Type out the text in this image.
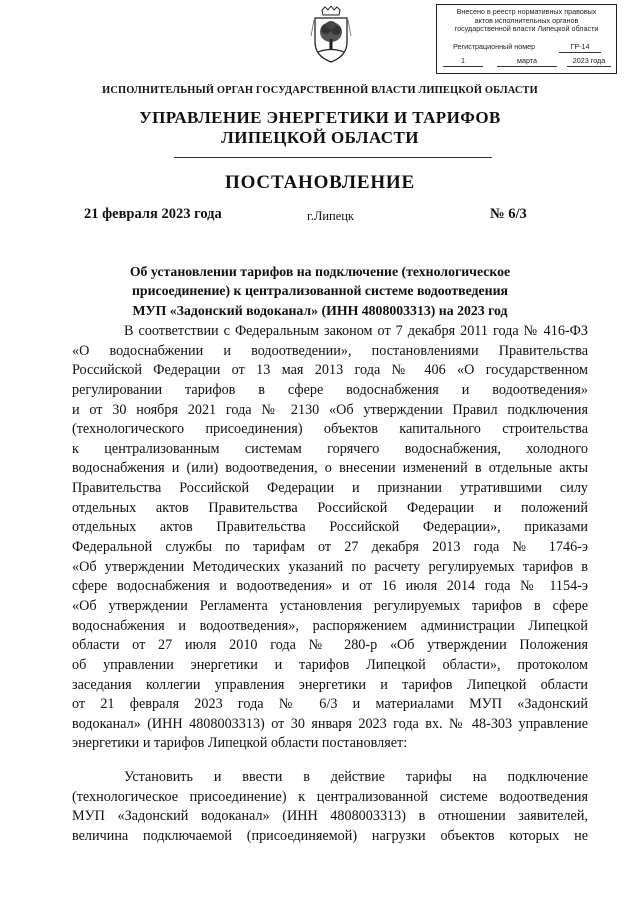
Внесено в реестр нормативных правовых
актов исполнительных органов
государственной власти Липецкой области
Регистрационный номер	ГР-14
1	марта	2023 года
ИСПОЛНИТЕЛЬНЫЙ ОРГАН ГОСУДАРСТВЕННОЙ ВЛАСТИ ЛИПЕЦКОЙ ОБЛАСТИ
УПРАВЛЕНИЕ ЭНЕРГЕТИКИ И ТАРИФОВ
ЛИПЕЦКОЙ ОБЛАСТИ
ПОСТАНОВЛЕНИЕ
21 февраля 2023 года	г.Липецк	№ 6/3
Об установлении тарифов на подключение (технологическое
присоединение) к централизованной системе водоотведения
МУП «Задонский водоканал» (ИНН 4808003313) на 2023 год
В соответствии с Федеральным законом от 7 декабря 2011 года № 416-ФЗ
«О водоснабжении и водоотведении», постановлениями Правительства
Российской Федерации от 13 мая 2013 года № 406 «О государственном
регулировании тарифов в сфере водоснабжения и водоотведения»
и от 30 ноября 2021 года № 2130 «Об утверждении Правил подключения
(технологического присоединения) объектов капитального строительства
к централизованным системам горячего водоснабжения, холодного
водоснабжения и (или) водоотведения, о внесении изменений в отдельные акты
Правительства Российской Федерации и признании утратившими силу
отдельных актов Правительства Российской Федерации и положений
отдельных актов Правительства Российской Федерации», приказами
Федеральной службы по тарифам от 27 декабря 2013 года № 1746-э
«Об утверждении Методических указаний по расчету регулируемых тарифов в
сфере водоснабжения и водоотведения» и от 16 июля 2014 года № 1154-э
«Об утверждении Регламента установления регулируемых тарифов в сфере
водоснабжения и водоотведения», распоряжением администрации Липецкой
области от 27 июля 2010 года № 280-р «Об утверждении Положения
об управлении энергетики и тарифов Липецкой области», протоколом
заседания коллегии управления энергетики и тарифов Липецкой области
от 21 февраля 2023 года № 6/3 и материалами МУП «Задонский
водоканал» (ИНН 4808003313) от 30 января 2023 года вх. № 48-303 управление
энергетики и тарифов Липецкой области постановляет:
Установить и ввести в действие тарифы на подключение
(технологическое присоединение) к централизованной системе водоотведения
МУП «Задонский водоканал» (ИНН 4808003313) в отношении заявителей,
величина подключаемой (присоединяемой) нагрузки объектов которых не
